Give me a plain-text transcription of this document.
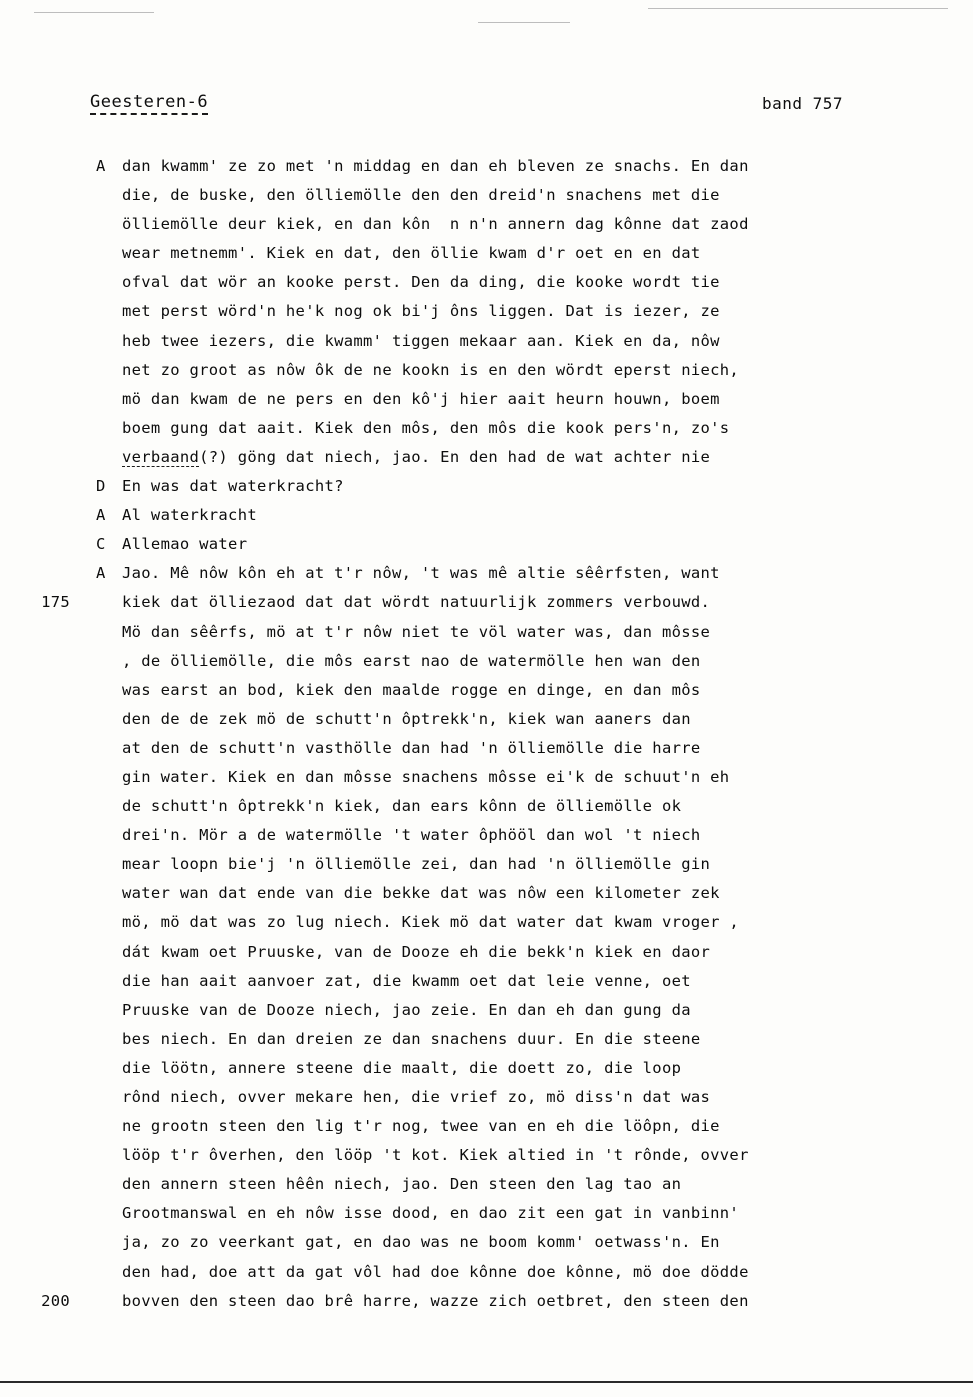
Geesteren-6	band 757
A	dan kwamm' ze zo met 'n middag en dan eh bleven ze snachs. En dan
die, de buske, den ölliemölle den den dreid'n snachens met die
ölliemölle deur kiek, en dan kôn  n n'n annern dag kônne dat zaod
wear metnemm'. Kiek en dat, den öllie kwam d'r oet en en dat
ofval dat wör an kooke perst. Den da ding, die kooke wordt tie
met perst wörd'n he'k nog ok bi'j ôns liggen. Dat is iezer, ze
heb twee iezers, die kwamm' tiggen mekaar aan. Kiek en da, nôw
net zo groot as nôw ôk de ne kookn is en den wördt eperst niech,
mö dan kwam de ne pers en den kô'j hier aait heurn houwn, boem
boem gung dat aait. Kiek den môs, den môs die kook pers'n, zo's
verbaand(?) göng dat niech, jao. En den had de wat achter nie
D	En was dat waterkracht?
A	Al waterkracht
C	Allemao water
A	Jao. Mê nôw kôn eh at t'r nôw, 't was mê altie sêêrfsten, want
175	kiek dat ölliezaod dat dat wördt natuurlijk zommers verbouwd.
Mö dan sêêrfs, mö at t'r nôw niet te völ water was, dan môsse
, de ölliemölle, die môs earst nao de watermölle hen wan den
was earst an bod, kiek den maalde rogge en dinge, en dan môs
den de de zek mö de schutt'n ôptrekk'n, kiek wan aaners dan
at den de schutt'n vasthölle dan had 'n ölliemölle die harre
gin water. Kiek en dan môsse snachens môsse ei'k de schuut'n eh
de schutt'n ôptrekk'n kiek, dan ears kônn de ölliemölle ok
drei'n. Mör a de watermölle 't water ôphööl dan wol 't niech
mear loopn bie'j 'n ölliemölle zei, dan had 'n ölliemölle gin
water wan dat ende van die bekke dat was nôw een kilometer zek
mö, mö dat was zo lug niech. Kiek mö dat water dat kwam vroger ,
dát kwam oet Pruuske, van de Dooze eh die bekk'n kiek en daor
die han aait aanvoer zat, die kwamm oet dat leie venne, oet
Pruuske van de Dooze niech, jao zeie. En dan eh dan gung da
bes niech. En dan dreien ze dan snachens duur. En die steene
die löötn, annere steene die maalt, die doett zo, die loop
rônd niech, ovver mekare hen, die vrief zo, mö diss'n dat was
ne grootn steen den lig t'r nog, twee van en eh die löôpn, die
lööp t'r ôverhen, den lööp 't kot. Kiek altied in 't rônde, ovver
den annern steen hêên niech, jao. Den steen den lag tao an
Grootmanswal en eh nôw isse dood, en dao zit een gat in vanbinn'
ja, zo zo veerkant gat, en dao was ne boom komm' oetwass'n. En
den had, doe att da gat vôl had doe kônne doe kônne, mö doe dödde
200	bovven den steen dao brê harre, wazze zich oetbret, den steen den
